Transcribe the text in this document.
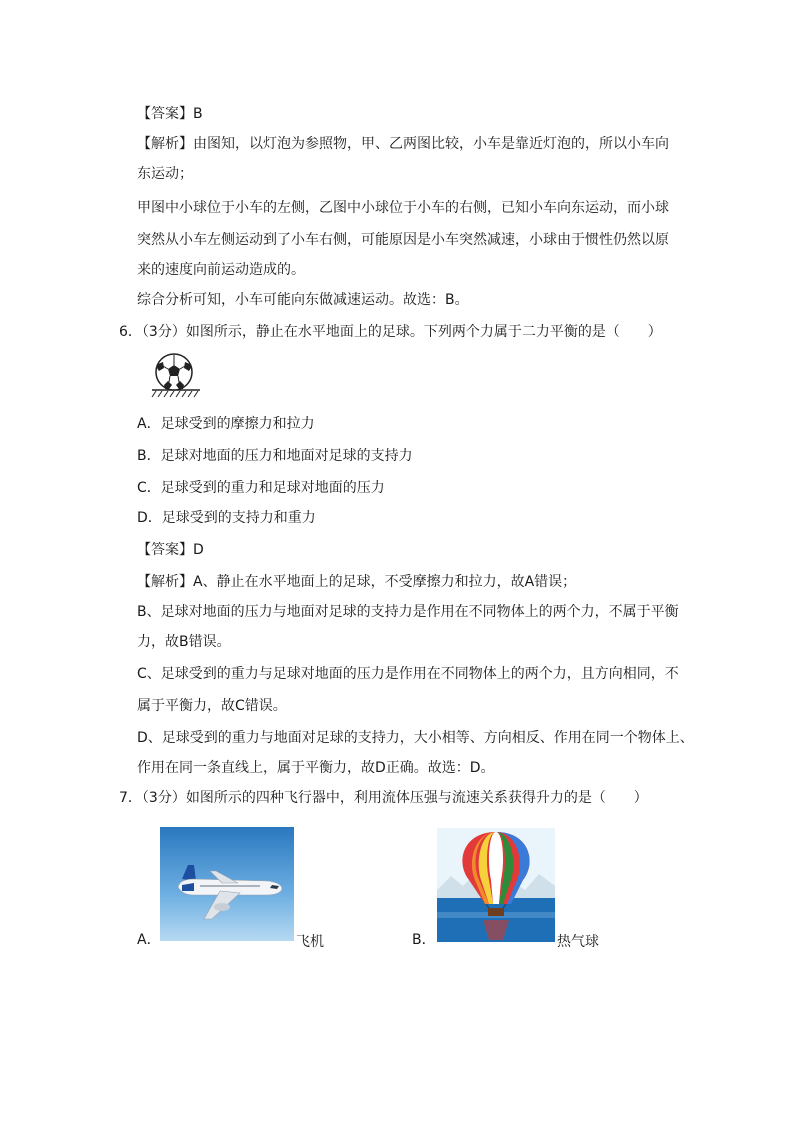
【答案】B
【解析】由图知，以灯泡为参照物，甲、乙两图比较，小车是靠近灯泡的，所以小车向
东运动；
甲图中小球位于小车的左侧，乙图中小球位于小车的右侧，已知小车向东运动，而小球
突然从小车左侧运动到了小车右侧，可能原因是小车突然减速，小球由于惯性仍然以原
来的速度向前运动造成的。
综合分析可知，小车可能向东做减速运动。故选：B。
6．（3分）如图所示，静止在水平地面上的足球。下列两个力属于二力平衡的是（　　）
A．足球受到的摩擦力和拉力
B．足球对地面的压力和地面对足球的支持力
C．足球受到的重力和足球对地面的压力
D．足球受到的支持力和重力
【答案】D
【解析】A、静止在水平地面上的足球，不受摩擦力和拉力，故A错误；
B、足球对地面的压力与地面对足球的支持力是作用在不同物体上的两个力，不属于平衡
力，故B错误。
C、足球受到的重力与足球对地面的压力是作用在不同物体上的两个力，且方向相同，不
属于平衡力，故C错误。
D、足球受到的重力与地面对足球的支持力，大小相等、方向相反、作用在同一个物体上、
作用在同一条直线上，属于平衡力，故D正确。故选：D。
7．（3分）如图所示的四种飞行器中，利用流体压强与流速关系获得升力的是（　　）
A．	飞机	B．	热气球
